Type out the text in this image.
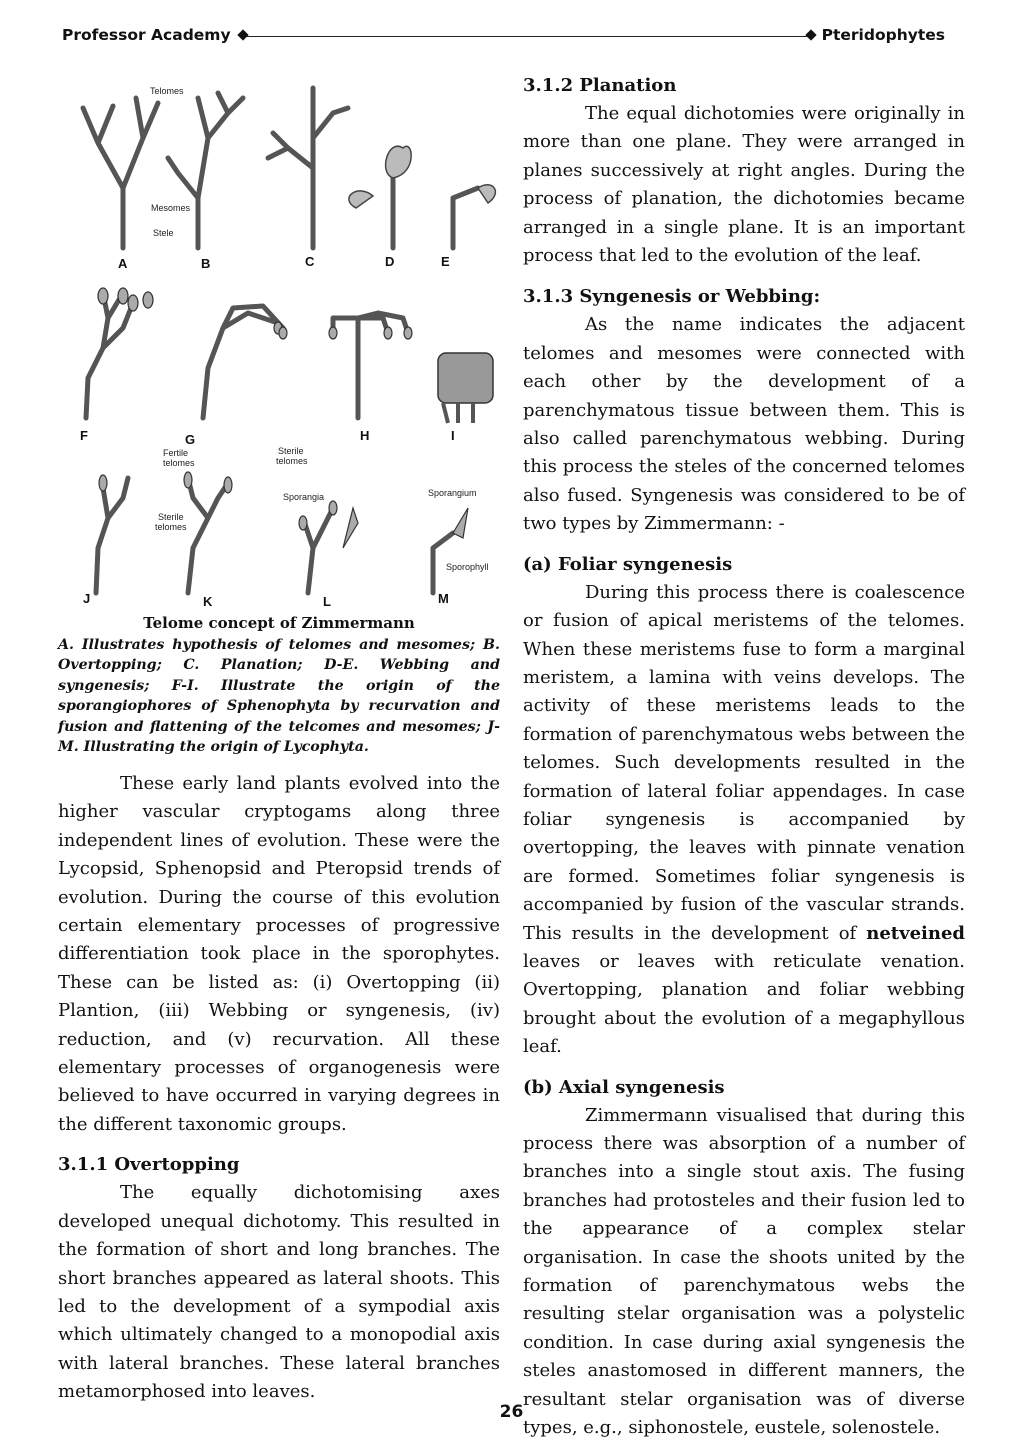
Professor Academy	Pteridophytes
Telomes
Mesomes
Stele
Fertile
telomes
Sterile
telomes
Sterile
telomes
Sporangia	Sporangium
Sporophyll
A	B	C	D	E
F	G	H	I
J	K	L	M
Telome concept of Zimmermann
A. Illustrates hypothesis of telomes and mesomes; B. Overtopping; C. Planation; D-E. Webbing and syngenesis; F-I. Illustrate the origin of the sporangiophores of Sphenophyta by recurvation and fusion and flattening of the telcomes and mesomes; J-M. Illustrating the origin of Lycophyta.

These early land plants evolved into the higher vascular cryptogams along three independent lines of evolution. These were the Lycopsid, Sphenopsid and Pteropsid trends of evolution. During the course of this evolution certain elementary processes of progressive differentiation took place in the sporophytes. These can be listed as: (i) Overtopping (ii) Plantion, (iii) Webbing or syngenesis, (iv) reduction, and (v) recurvation. All these elementary processes of organogenesis were believed to have occurred in varying degrees in the different taxonomic groups.

3.1.1 Overtopping

The equally dichotomising axes developed unequal dichotomy. This resulted in the formation of short and long branches. The short branches appeared as lateral shoots. This led to the development of a sympodial axis which ultimately changed to a monopodial axis with lateral branches. These lateral branches metamorphosed into leaves.

3.1.2 Planation

The equal dichotomies were originally in more than one plane. They were arranged in planes successively at right angles. During the process of planation, the dichotomies became arranged in a single plane. It is an important process that led to the evolution of the leaf.

3.1.3 Syngenesis or Webbing:

As the name indicates the adjacent telomes and mesomes were connected with each other by the development of a parenchymatous tissue between them. This is also called parenchymatous webbing. During this process the steles of the concerned telomes also fused. Syngenesis was considered to be of two types by Zimmermann: -

(a) Foliar syngenesis

During this process there is coalescence or fusion of apical meristems of the telomes. When these meristems fuse to form a marginal meristem, a lamina with veins develops. The activity of these meristems leads to the formation of parenchymatous webs between the telomes. Such developments resulted in the formation of lateral foliar appendages. In case foliar syngenesis is accompanied by overtopping, the leaves with pinnate venation are formed. Sometimes foliar syngenesis is accompanied by fusion of the vascular strands. This results in the development of netveined leaves or leaves with reticulate venation. Overtopping, planation and foliar webbing brought about the evolution of a megaphyllous leaf.

(b) Axial syngenesis

Zimmermann visualised that during this process there was absorption of a number of branches into a single stout axis. The fusing branches had protosteles and their fusion led to the appearance of a complex stelar organisation. In case the shoots united by the formation of parenchymatous webs the resulting stelar organisation was a polystelic condition. In case during axial syngenesis the steles anastomosed in different manners, the resultant stelar organisation was of diverse types, e.g., siphonostele, eustele, solenostele.

26
